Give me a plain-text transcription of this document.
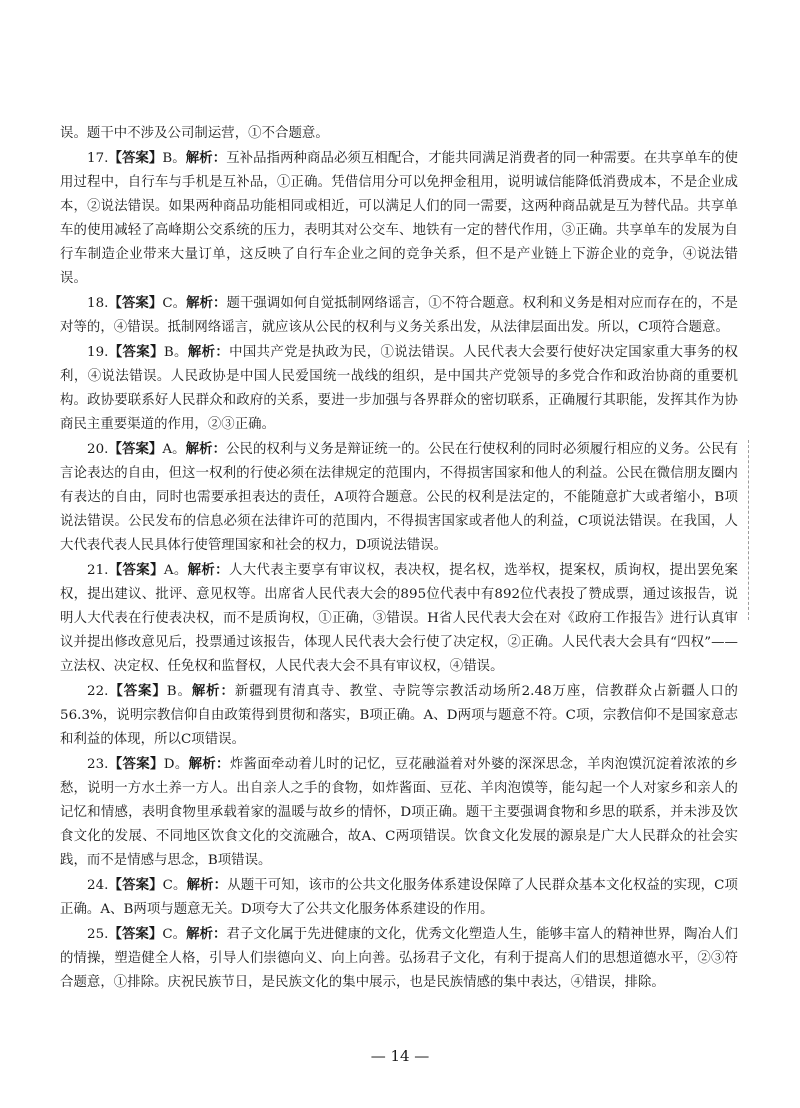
误。题干中不涉及公司制运营，①不合题意。

17.【答案】B。解析：互补品指两种商品必须互相配合，才能共同满足消费者的同一种需要。在共享单车的使用过程中，自行车与手机是互补品，①正确。凭借信用分可以免押金租用，说明诚信能降低消费成本，不是企业成本，②说法错误。如果两种商品功能相同或相近，可以满足人们的同一需要，这两种商品就是互为替代品。共享单车的使用减轻了高峰期公交系统的压力，表明其对公交车、地铁有一定的替代作用，③正确。共享单车的发展为自行车制造企业带来大量订单，这反映了自行车企业之间的竞争关系，但不是产业链上下游企业的竞争，④说法错误。

18.【答案】C。解析：题干强调如何自觉抵制网络谣言，①不符合题意。权利和义务是相对应而存在的，不是对等的，④错误。抵制网络谣言，就应该从公民的权利与义务关系出发，从法律层面出发。所以，C项符合题意。

19.【答案】B。解析：中国共产党是执政为民，①说法错误。人民代表大会要行使好决定国家重大事务的权利，④说法错误。人民政协是中国人民爱国统一战线的组织，是中国共产党领导的多党合作和政治协商的重要机构。政协要联系好人民群众和政府的关系，要进一步加强与各界群众的密切联系，正确履行其职能，发挥其作为协商民主重要渠道的作用，②③正确。

20.【答案】A。解析：公民的权利与义务是辩证统一的。公民在行使权利的同时必须履行相应的义务。公民有言论表达的自由，但这一权利的行使必须在法律规定的范围内，不得损害国家和他人的利益。公民在微信朋友圈内有表达的自由，同时也需要承担表达的责任，A项符合题意。公民的权利是法定的，不能随意扩大或者缩小，B项说法错误。公民发布的信息必须在法律许可的范围内，不得损害国家或者他人的利益，C项说法错误。在我国，人大代表代表人民具体行使管理国家和社会的权力，D项说法错误。

21.【答案】A。解析：人大代表主要享有审议权，表决权，提名权，选举权，提案权，质询权，提出罢免案权，提出建议、批评、意见权等。出席省人民代表大会的895位代表中有892位代表投了赞成票，通过该报告，说明人大代表在行使表决权，而不是质询权，①正确，③错误。H省人民代表大会在对《政府工作报告》进行认真审议并提出修改意见后，投票通过该报告，体现人民代表大会行使了决定权，②正确。人民代表大会具有“四权”——立法权、决定权、任免权和监督权，人民代表大会不具有审议权，④错误。

22.【答案】B。解析：新疆现有清真寺、教堂、寺院等宗教活动场所2.48万座，信教群众占新疆人口的56.3%，说明宗教信仰自由政策得到贯彻和落实，B项正确。A、D两项与题意不符。C项，宗教信仰不是国家意志和利益的体现，所以C项错误。

23.【答案】D。解析：炸酱面牵动着儿时的记忆，豆花融溢着对外婆的深深思念，羊肉泡馍沉淀着浓浓的乡愁，说明一方水土养一方人。出自亲人之手的食物，如炸酱面、豆花、羊肉泡馍等，能勾起一个人对家乡和亲人的记忆和情感，表明食物里承载着家的温暖与故乡的情怀，D项正确。题干主要强调食物和乡思的联系，并未涉及饮食文化的发展、不同地区饮食文化的交流融合，故A、C两项错误。饮食文化发展的源泉是广大人民群众的社会实践，而不是情感与思念，B项错误。

24.【答案】C。解析：从题干可知，该市的公共文化服务体系建设保障了人民群众基本文化权益的实现，C项正确。A、B两项与题意无关。D项夸大了公共文化服务体系建设的作用。

25.【答案】C。解析：君子文化属于先进健康的文化，优秀文化塑造人生，能够丰富人的精神世界，陶冶人们的情操，塑造健全人格，引导人们崇德向义、向上向善。弘扬君子文化，有利于提高人们的思想道德水平，②③符合题意，①排除。庆祝民族节日，是民族文化的集中展示，也是民族情感的集中表达，④错误，排除。

— 14 —
